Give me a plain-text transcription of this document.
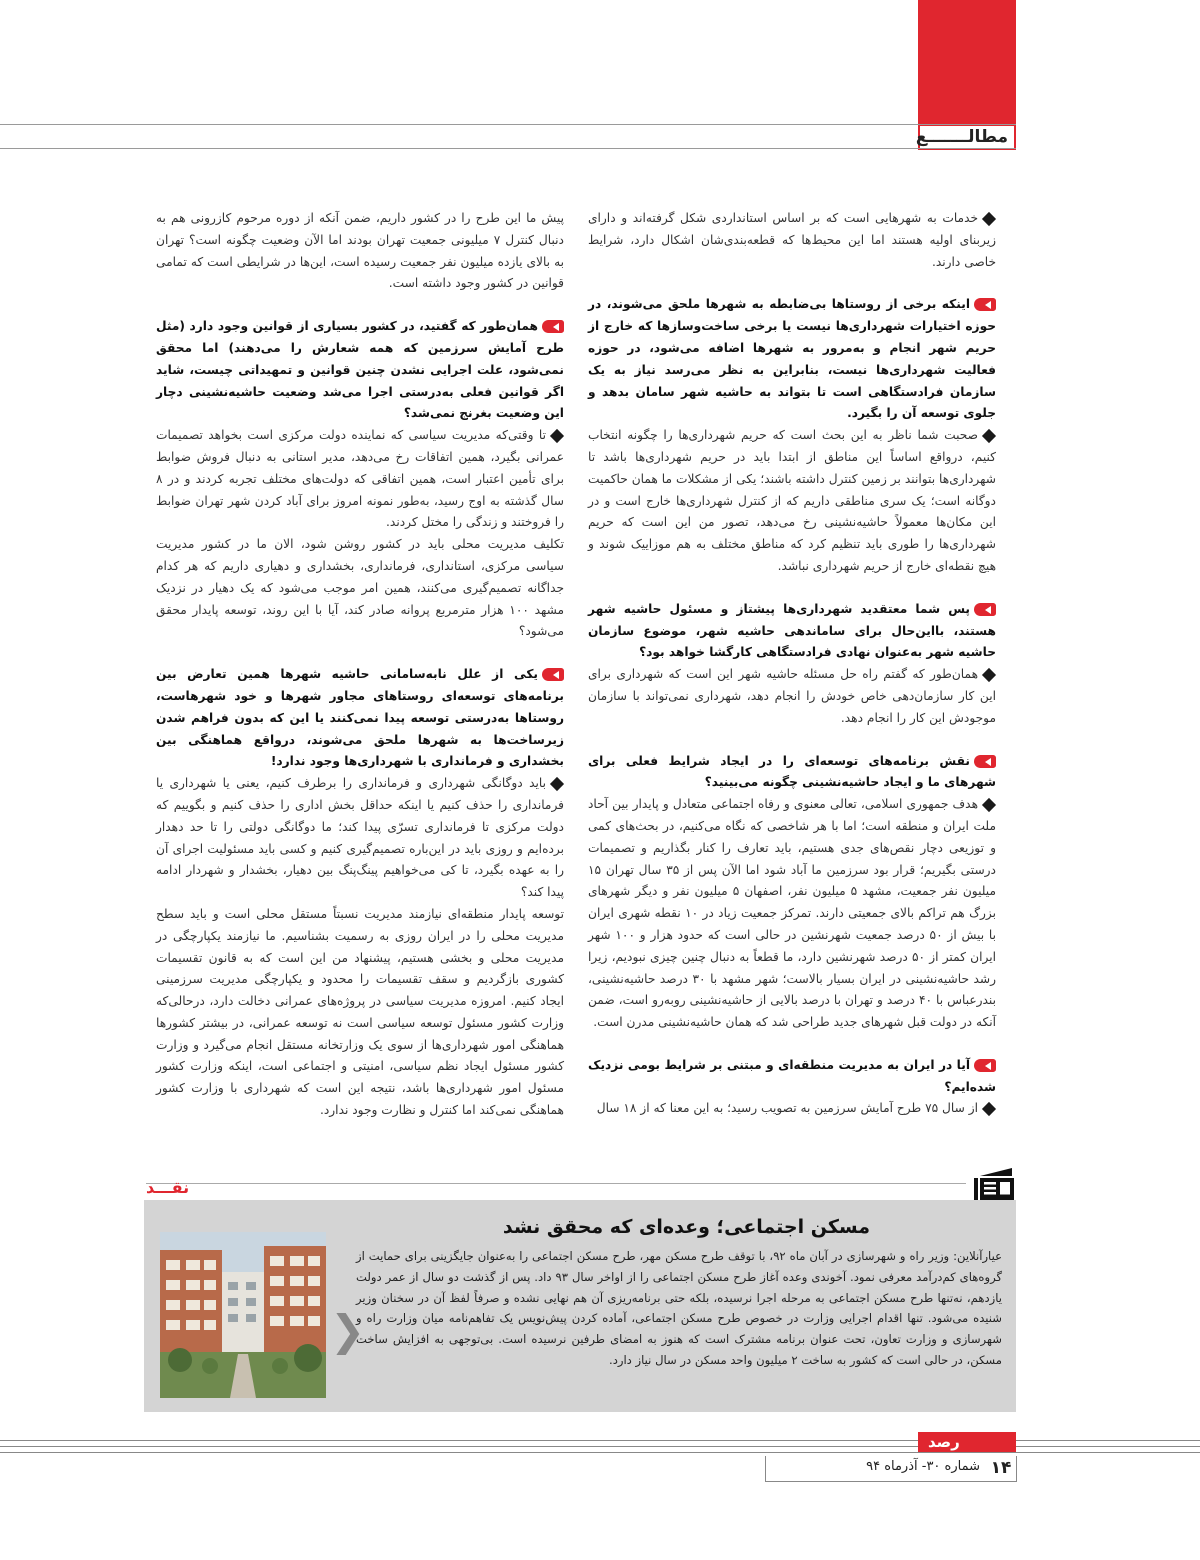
مطالـــــــع

خدمات به شهرهایی است که بر اساس استانداردی شکل گرفته‌اند و دارای زیربنای اولیه هستند اما این محیط‌ها که قطعه‌بندی‌شان اشکال دارد، شرایط خاصی دارند.

اینکه برخی از روستاها بی‌ضابطه به شهرها ملحق می‌شوند، در حوزه اختیارات شهرداری‌ها نیست یا برخی ساخت‌وسازها که خارج از حریم شهر انجام و به‌مرور به شهرها اضافه می‌شود، در حوزه فعالیت شهرداری‌ها نیست، بنابراین به نظر می‌رسد نیاز به یک سازمان فرادستگاهی است تا بتواند به حاشیه شهر سامان بدهد و جلوی توسعه آن را بگیرد.

صحبت شما ناظر به این بحث است که حریم شهرداری‌ها را چگونه انتخاب کنیم، درواقع اساساً این مناطق از ابتدا باید در حریم شهرداری‌ها باشد تا شهرداری‌ها بتوانند بر زمین کنترل داشته باشند؛ یکی از مشکلات ما همان حاکمیت دوگانه است؛ یک سری مناطقی داریم که از کنترل شهرداری‌ها خارج است و در این مکان‌ها معمولاً حاشیه‌نشینی رخ می‌دهد، تصور من این است که حریم شهرداری‌ها را طوری باید تنظیم کرد که مناطق مختلف به هم موزاییک شوند و هیچ نقطه‌ای خارج از حریم شهرداری نباشد.

پس شما معتقدید شهرداری‌ها پیشتاز و مسئول حاشیه شهر هستند، بااین‌حال برای ساماندهی حاشیه شهر، موضوع سازمان حاشیه شهر به‌عنوان نهادی فرادستگاهی کارگشا خواهد بود؟

همان‌طور که گفتم راه حل مسئله حاشیه شهر این است که شهرداری برای این کار سازمان‌دهی خاص خودش را انجام دهد، شهرداری نمی‌تواند با سازمان موجودش این کار را انجام دهد.

نقش برنامه‌های توسعه‌ای را در ایجاد شرایط فعلی برای شهرهای ما و ایجاد حاشیه‌نشینی چگونه می‌بینید؟

هدف جمهوری اسلامی، تعالی معنوی و رفاه اجتماعی متعادل و پایدار بین آحاد ملت ایران و منطقه است؛ اما با هر شاخصی که نگاه می‌کنیم، در بحث‌های کمی و توزیعی دچار نقص‌های جدی هستیم، باید تعارف را کنار بگذاریم و تصمیمات درستی بگیریم؛ قرار بود سرزمین ما آباد شود اما الآن پس از ۳۵ سال تهران ۱۵ میلیون نفر جمعیت، مشهد ۵ میلیون نفر، اصفهان ۵ میلیون نفر و دیگر شهرهای بزرگ هم تراکم بالای جمعیتی دارند. تمرکز جمعیت زیاد در ۱۰ نقطه شهری ایران با بیش از ۵۰ درصد جمعیت شهرنشین در حالی است که حدود هزار و ۱۰۰ شهر ایران کمتر از ۵۰ درصد شهرنشین دارد، ما قطعاً به دنبال چنین چیزی نبودیم، زیرا رشد حاشیه‌نشینی در ایران بسیار بالاست؛ شهر مشهد با ۳۰ درصد حاشیه‌نشینی، بندرعباس با ۴۰ درصد و تهران با درصد بالایی از حاشیه‌نشینی روبه‌رو است، ضمن آنکه در دولت قبل شهرهای جدید طراحی شد که همان حاشیه‌نشینی مدرن است.

آیا در ایران به مدیریت منطقه‌ای و مبتنی بر شرایط بومی نزدیک شده‌ایم؟

از سال ۷۵ طرح آمایش سرزمین به تصویب رسید؛ به این معنا که از ۱۸ سال

پیش ما این طرح را در کشور داریم، ضمن آنکه از دوره مرحوم کازرونی هم به دنبال کنترل ۷ میلیونی جمعیت تهران بودند اما الآن وضعیت چگونه است؟ تهران به بالای یازده میلیون نفر جمعیت رسیده است، این‌ها در شرایطی است که تمامی قوانین در کشور وجود داشته است.

همان‌طور که گفتید، در کشور بسیاری از قوانین وجود دارد (مثل طرح آمایش سرزمین که همه شعارش را می‌دهند) اما محقق نمی‌شود، علت اجرایی نشدن چنین قوانین و تمهیداتی چیست، شاید اگر قوانین فعلی به‌درستی اجرا می‌شد وضعیت حاشیه‌نشینی دچار این وضعیت بغرنج نمی‌شد؟

تا وقتی‌که مدیریت سیاسی که نماینده دولت مرکزی است بخواهد تصمیمات عمرانی بگیرد، همین اتفاقات رخ می‌دهد، مدیر استانی به دنبال فروش ضوابط برای تأمین اعتبار است، همین اتفاقی که دولت‌های مختلف تجربه کردند و در ۸ سال گذشته به اوج رسید، به‌طور نمونه امروز برای آباد کردن شهر تهران ضوابط را فروختند و زندگی را مختل کردند.

تکلیف مدیریت محلی باید در کشور روشن شود، الان ما در کشور مدیریت سیاسی مرکزی، استانداری، فرمانداری، بخشداری و دهیاری داریم که هر کدام جداگانه تصمیم‌گیری می‌کنند، همین امر موجب می‌شود که یک دهیار در نزدیک مشهد ۱۰۰ هزار مترمربع پروانه صادر کند، آیا با این روند، توسعه پایدار محقق می‌شود؟

یکی از علل نابه‌سامانی حاشیه شهرها همین تعارض بین برنامه‌های توسعه‌ای روستاهای مجاور شهرها و خود شهرهاست، روستاها به‌درستی توسعه پیدا نمی‌کنند یا این که بدون فراهم شدن زیرساخت‌ها به شهرها ملحق می‌شوند، درواقع هماهنگی بین بخشداری و فرمانداری با شهرداری‌ها وجود ندارد!

باید دوگانگی شهرداری و فرمانداری را برطرف کنیم، یعنی یا شهرداری یا فرمانداری را حذف کنیم یا اینکه حداقل بخش اداری را حذف کنیم و بگوییم که دولت مرکزی تا فرمانداری تسرّی پیدا کند؛ ما دوگانگی دولتی را تا حد دهدار برده‌ایم و روزی باید در این‌باره تصمیم‌گیری کنیم و کسی باید مسئولیت اجرای آن را به عهده بگیرد، تا کی می‌خواهیم پینگ‌پنگ بین دهیار، بخشدار و شهردار ادامه پیدا کند؟

توسعه پایدار منطقه‌ای نیازمند مدیریت نسبتاً مستقل محلی است و باید سطح مدیریت محلی را در ایران روزی به رسمیت بشناسیم. ما نیازمند یکپارچگی در مدیریت محلی و بخشی هستیم، پیشنهاد من این است که به قانون تقسیمات کشوری بازگردیم و سقف تقسیمات را محدود و یکپارچگی مدیریت سرزمینی ایجاد کنیم. امروزه مدیریت سیاسی در پروژه‌های عمرانی دخالت دارد، درحالی‌که وزارت کشور مسئول توسعه سیاسی است نه توسعه عمرانی، در بیشتر کشورها هماهنگی امور شهرداری‌ها از سوی یک وزارتخانه مستقل انجام می‌گیرد و وزارت کشور مسئول ایجاد نظم سیاسی، امنیتی و اجتماعی است، اینکه وزارت کشور مسئول امور شهرداری‌ها باشد، نتیجه این است که شهرداری با وزارت کشور هماهنگی نمی‌کند اما کنترل و نظارت وجود ندارد.

نقـــد
مسکن اجتماعی؛ وعده‌ای که محقق نشد
عیارآنلاین: وزیر راه و شهرسازی در آبان ماه ۹۲، با توقف طرح مسکن مهر، طرح مسکن اجتماعی را به‌عنوان جایگزینی برای حمایت از گروه‌های کم‌درآمد معرفی نمود. آخوندی وعده آغاز طرح مسکن اجتماعی را از اواخر سال ۹۳ داد. پس از گذشت دو سال از عمر دولت یازدهم، نه‌تنها طرح مسکن اجتماعی به مرحله اجرا نرسیده، بلکه حتی برنامه‌ریزی آن هم نهایی نشده و صرفاً لفظ آن در سخنان وزیر شنیده می‌شود. تنها اقدام اجرایی وزارت در خصوص طرح مسکن اجتماعی، آماده کردن پیش‌نویس یک تفاهم‌نامه میان وزارت راه و شهرسازی و وزارت تعاون، تحت عنوان برنامه مشترک است که هنوز به امضای طرفین نرسیده است. بی‌توجهی به افزایش ساخت مسکن، در حالی است که کشور به ساخت ۲ میلیون واحد مسکن در سال نیاز دارد.
❮
رصد
۱۴
شماره ۳۰- آذرماه ۹۴
